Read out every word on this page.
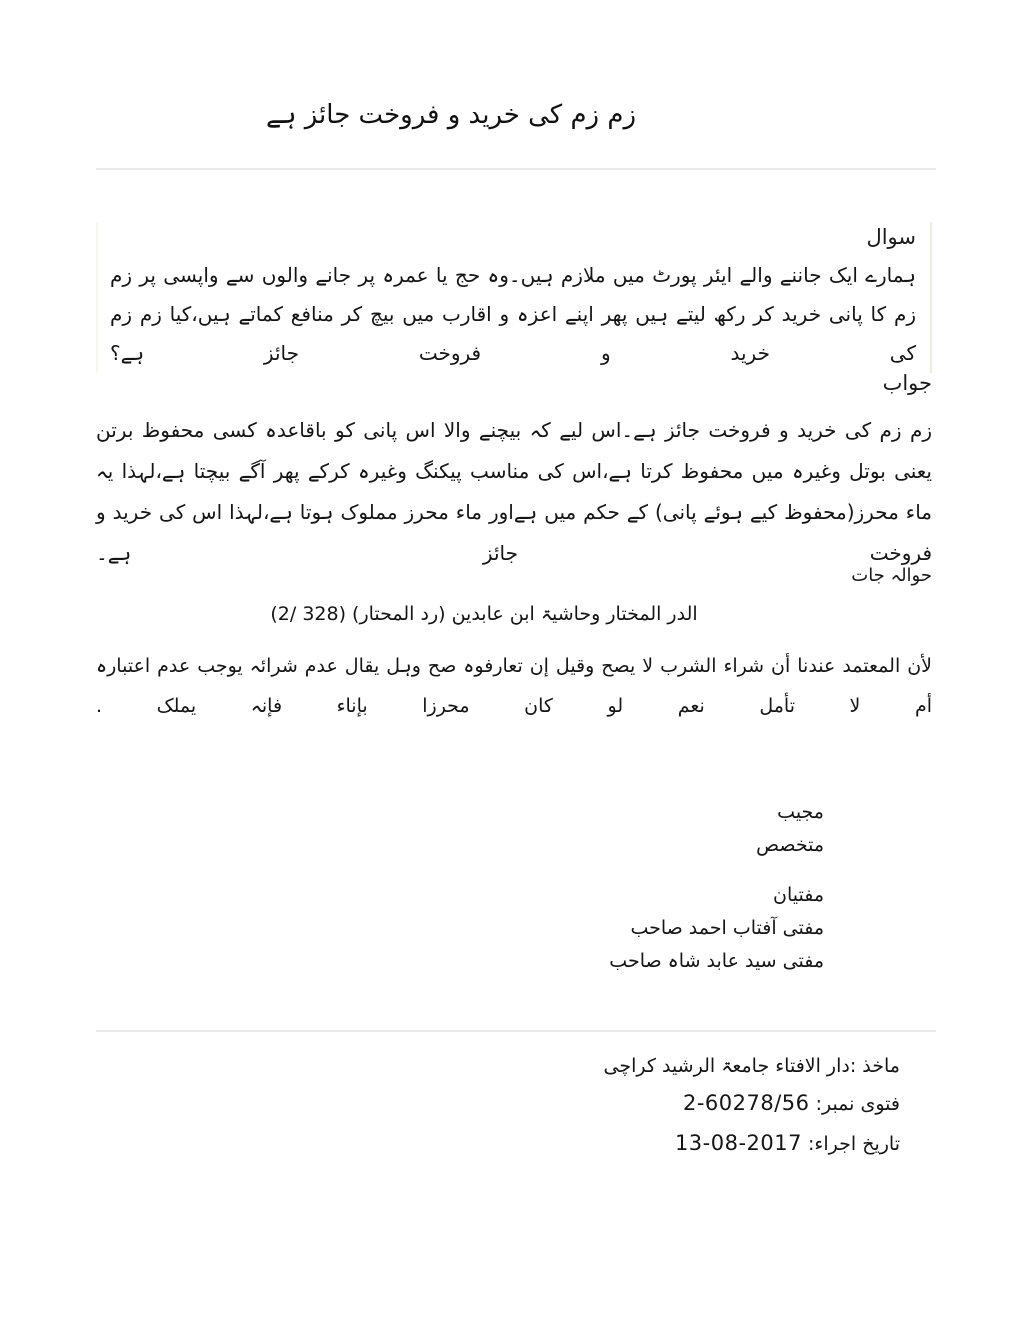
زم زم کی خرید و فروخت جائز ہے
سوال

ہمارے ایک جاننے والے ایئر پورٹ میں ملازم ہیں۔وہ حج یا عمرہ پر جانے والوں سے واپسی پر زم زم کا پانی خرید کر رکھ لیتے ہیں پھر اپنے اعزہ و اقارب میں بیچ کر منافع کماتے ہیں،کیا زم زم کی خرید و فروخت جائز ہے؟

جواب

زم زم کی خرید و فروخت جائز ہے۔اس لیے کہ بیچنے والا اس پانی کو باقاعدہ کسی محفوظ برتن یعنی بوتل وغیرہ میں محفوظ کرتا ہے،اس کی مناسب پیکنگ وغیرہ کرکے پھر آگے بیچتا ہے،لہذا یہ ماء محرز(محفوظ کیے ہوئے پانی) کے حکم میں ہےاور ماء محرز مملوک ہوتا ہے،لہذا اس کی خرید و فروخت جائز ہے۔

حوالہ جات

الدر المختار وحاشیۃ ابن عابدین (رد المحتار) (328 /2)

لأن المعتمد عندنا أن شراء الشرب لا یصح وقیل إن تعارفوہ صح وہل یقال عدم شرائہ یوجب عدم اعتبارہ أم لا تأمل نعم لو کان محرزا بإناء فإنہ یملک .

مجیب

متخصص

مفتیان

مفتی آفتاب احمد صاحب

مفتی سید عابد شاہ صاحب

ماخذ :دار الافتاء جامعۃ الرشید کراچی

فتوی نمبر: 2-60278/56

تاریخ اجراء: 13-08-2017
